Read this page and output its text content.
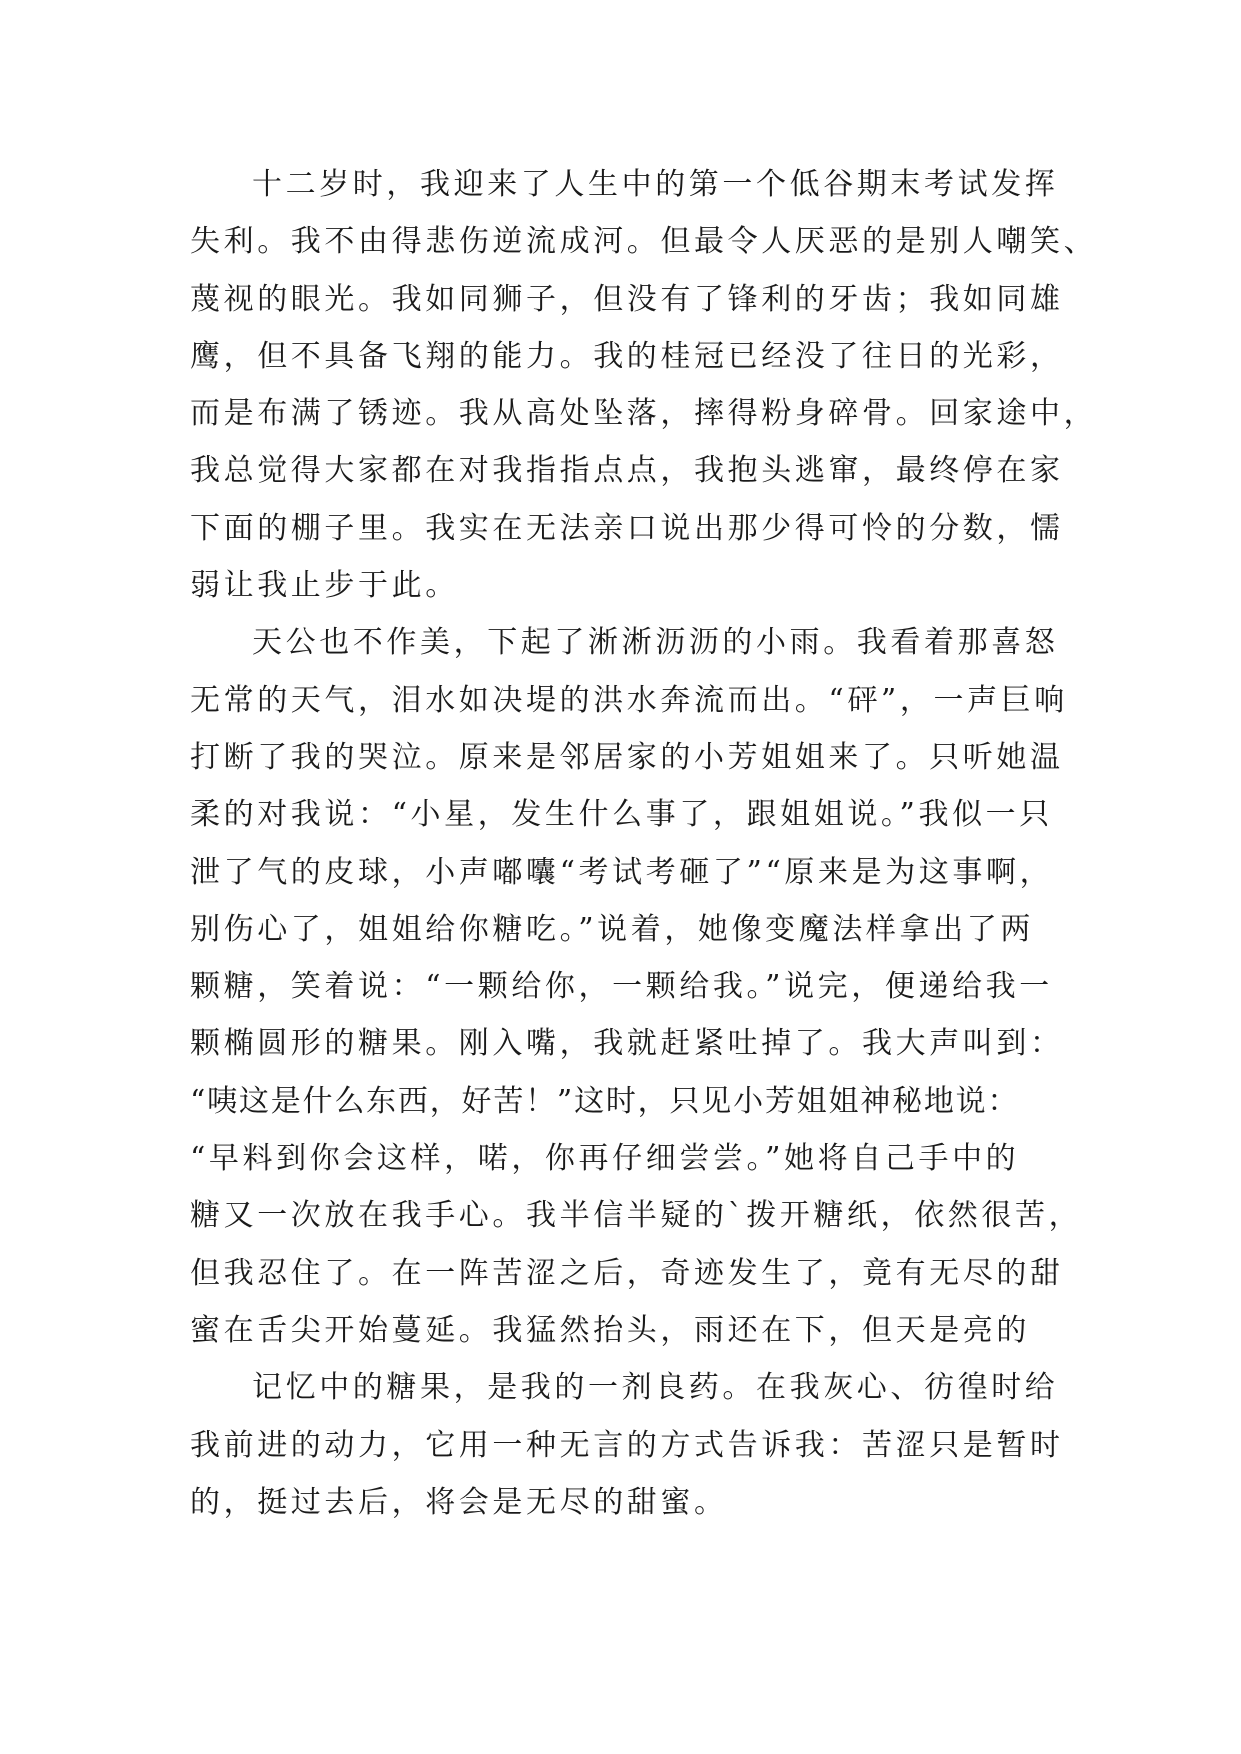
十二岁时，我迎来了人生中的第一个低谷期末考试发挥
失利。我不由得悲伤逆流成河。但最令人厌恶的是别人嘲笑、
蔑视的眼光。我如同狮子，但没有了锋利的牙齿；我如同雄
鹰，但不具备飞翔的能力。我的桂冠已经没了往日的光彩，
而是布满了锈迹。我从高处坠落，摔得粉身碎骨。回家途中，
我总觉得大家都在对我指指点点，我抱头逃窜，最终停在家
下面的棚子里。我实在无法亲口说出那少得可怜的分数，懦
弱让我止步于此。
天公也不作美，下起了淅淅沥沥的小雨。我看着那喜怒
无常的天气，泪水如决堤的洪水奔流而出。“砰”，一声巨响
打断了我的哭泣。原来是邻居家的小芳姐姐来了。只听她温
柔的对我说：“小星，发生什么事了，跟姐姐说。”我似一只
泄了气的皮球，小声嘟囔“考试考砸了”“原来是为这事啊，
别伤心了，姐姐给你糖吃。”说着，她像变魔法样拿出了两
颗糖，笑着说：“一颗给你，一颗给我。”说完，便递给我一
颗椭圆形的糖果。刚入嘴，我就赶紧吐掉了。我大声叫到：
“咦这是什么东西，好苦！”这时，只见小芳姐姐神秘地说：
“早料到你会这样，喏，你再仔细尝尝。”她将自己手中的
糖又一次放在我手心。我半信半疑的`拨开糖纸，依然很苦，
但我忍住了。在一阵苦涩之后，奇迹发生了，竟有无尽的甜
蜜在舌尖开始蔓延。我猛然抬头，雨还在下，但天是亮的
记忆中的糖果，是我的一剂良药。在我灰心、彷徨时给
我前进的动力，它用一种无言的方式告诉我：苦涩只是暂时
的，挺过去后，将会是无尽的甜蜜。
